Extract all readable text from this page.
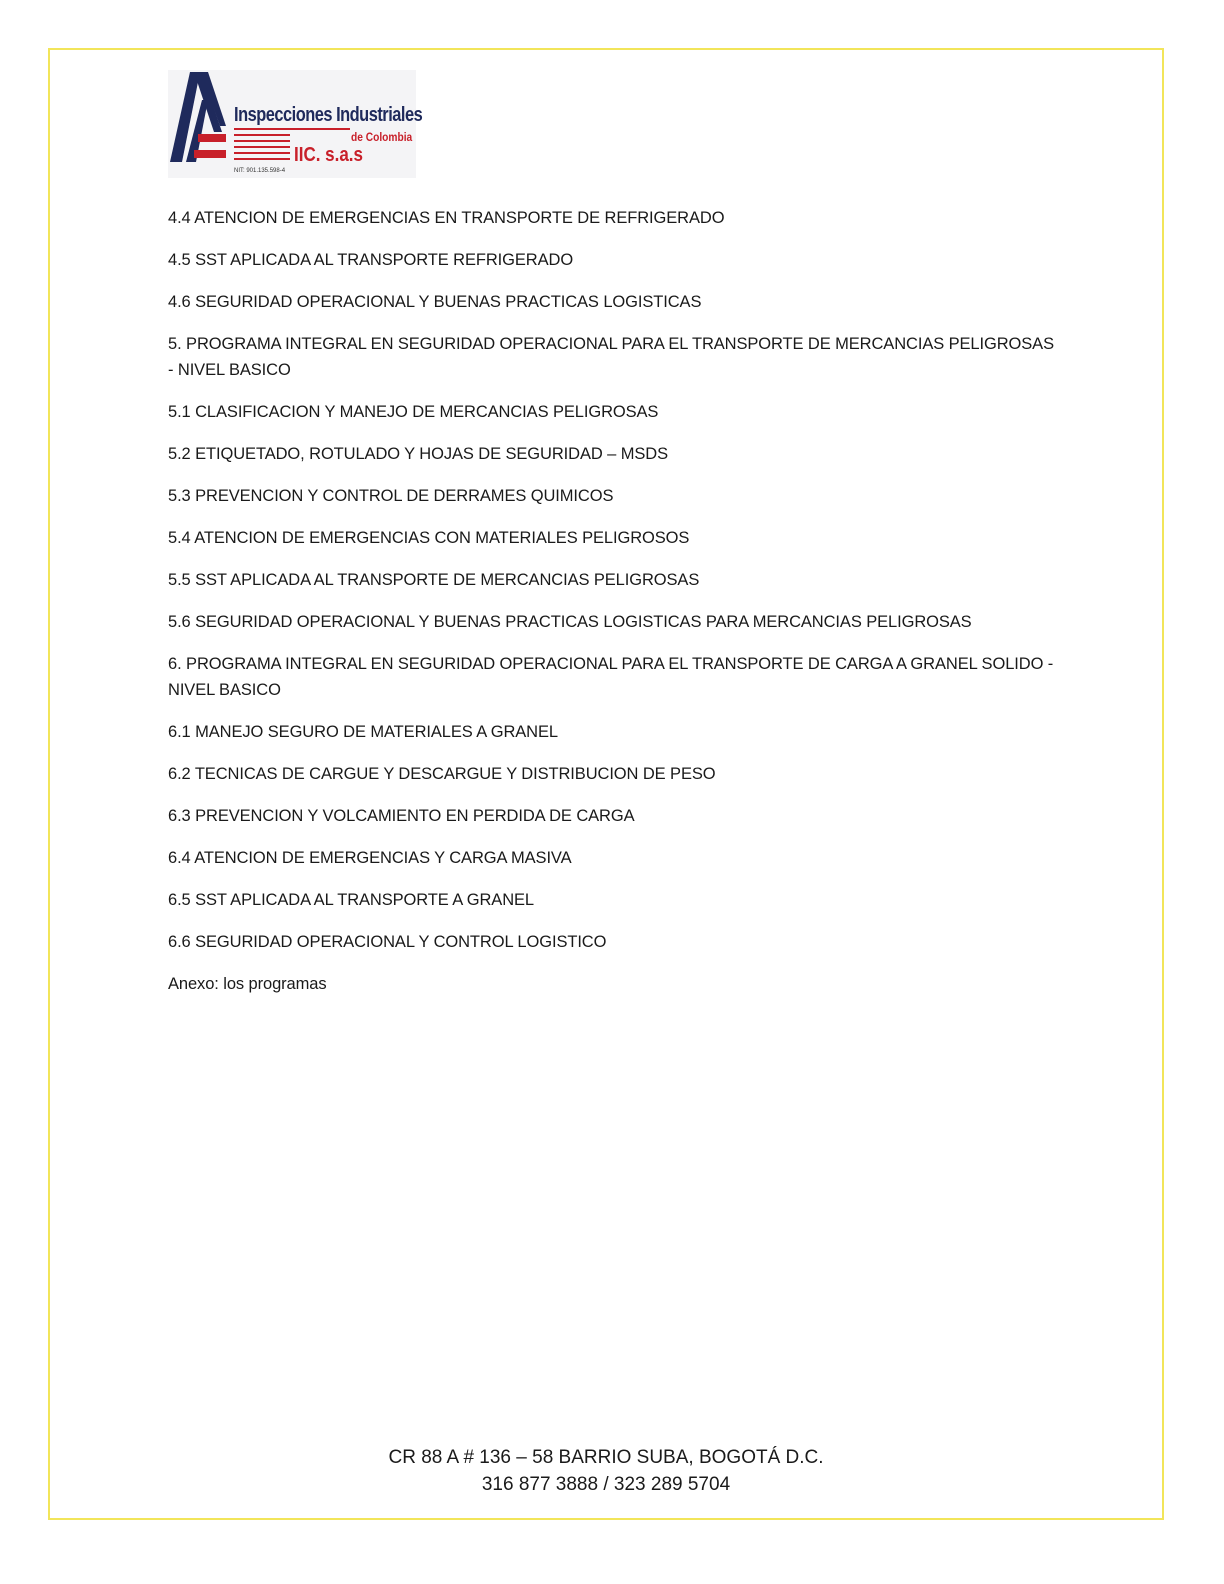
Inspecciones Industriales
de Colombia
IIC. s.a.s
NIT: 901.135.598-4

4.4 ATENCION DE EMERGENCIAS EN TRANSPORTE DE REFRIGERADO

4.5 SST APLICADA AL TRANSPORTE REFRIGERADO

4.6 SEGURIDAD OPERACIONAL Y BUENAS PRACTICAS LOGISTICAS

5. PROGRAMA INTEGRAL EN SEGURIDAD OPERACIONAL PARA EL TRANSPORTE DE MERCANCIAS PELIGROSAS - NIVEL BASICO

5.1 CLASIFICACION Y MANEJO DE MERCANCIAS PELIGROSAS

5.2 ETIQUETADO, ROTULADO Y HOJAS DE SEGURIDAD – MSDS

5.3 PREVENCION Y CONTROL DE DERRAMES QUIMICOS

5.4 ATENCION DE EMERGENCIAS CON MATERIALES PELIGROSOS

5.5 SST APLICADA AL TRANSPORTE DE MERCANCIAS PELIGROSAS

5.6 SEGURIDAD OPERACIONAL Y BUENAS PRACTICAS LOGISTICAS PARA MERCANCIAS PELIGROSAS

6. PROGRAMA INTEGRAL EN SEGURIDAD OPERACIONAL PARA EL TRANSPORTE DE CARGA A GRANEL SOLIDO - NIVEL BASICO

6.1 MANEJO SEGURO DE MATERIALES A GRANEL

6.2 TECNICAS DE CARGUE Y DESCARGUE Y DISTRIBUCION DE PESO

6.3 PREVENCION Y VOLCAMIENTO EN PERDIDA DE CARGA

6.4 ATENCION DE EMERGENCIAS Y CARGA MASIVA

6.5 SST APLICADA AL TRANSPORTE A GRANEL

6.6 SEGURIDAD OPERACIONAL Y CONTROL LOGISTICO

Anexo: los programas

CR 88 A # 136 – 58 BARRIO SUBA, BOGOTÁ D.C.
316 877 3888 / 323 289 5704
